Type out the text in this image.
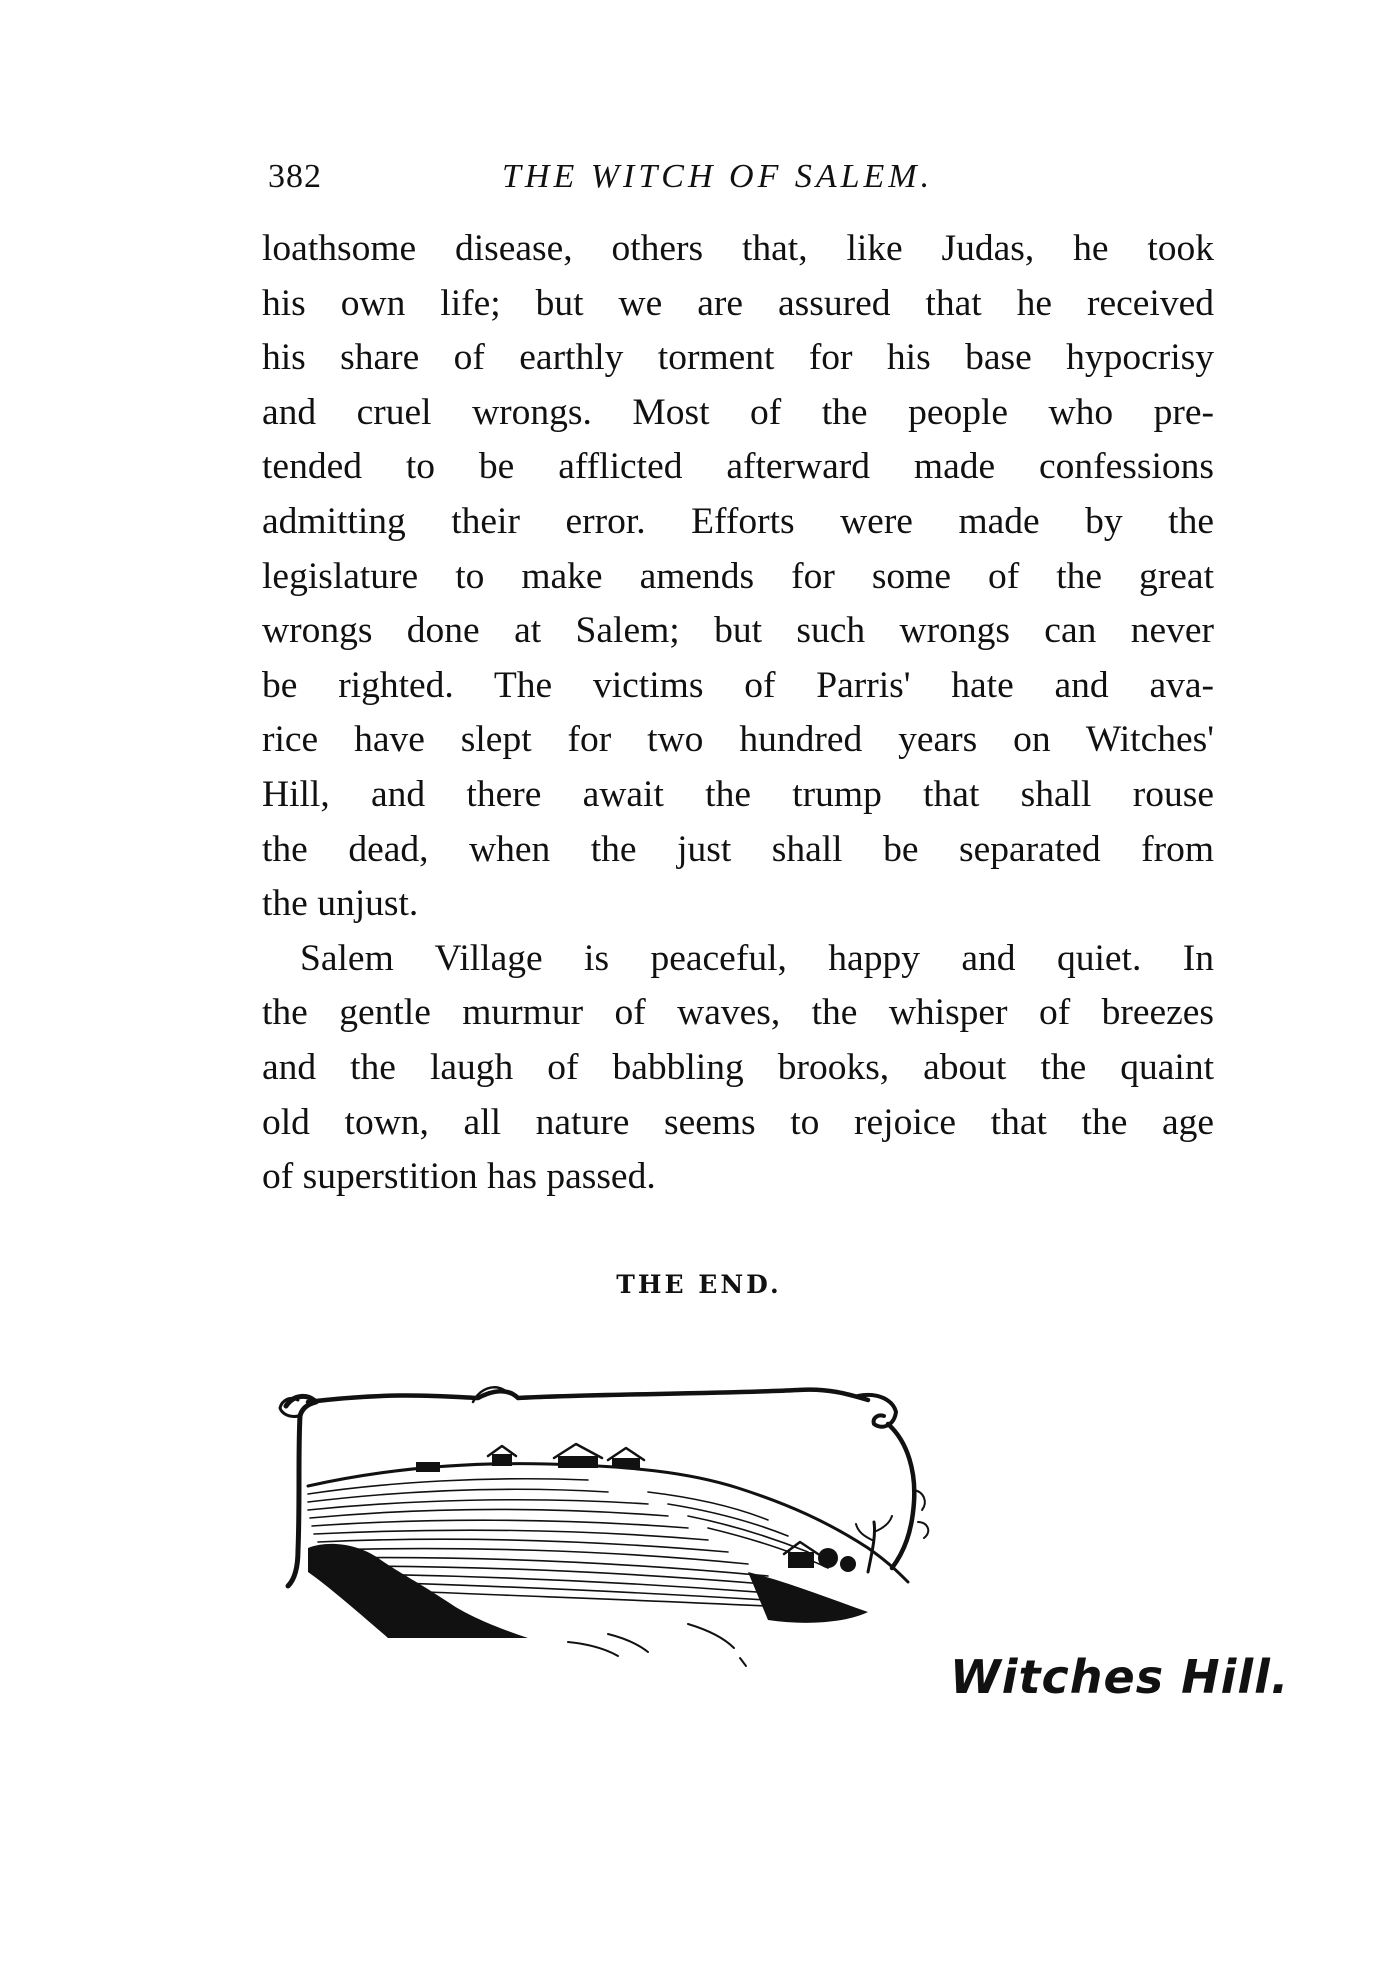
382	THE WITCH OF SALEM.
loathsome disease, others that, like Judas, he took
his own life; but we are assured that he received
his share of earthly torment for his base hypocrisy
and cruel wrongs. Most of the people who pre-
tended to be afflicted afterward made confessions
admitting their error. Efforts were made by the
legislature to make amends for some of the great
wrongs done at Salem; but such wrongs can never
be righted. The victims of Parris' hate and ava-
rice have slept for two hundred years on Witches'
Hill, and there await the trump that shall rouse
the dead, when the just shall be separated from
the unjust.
Salem Village is peaceful, happy and quiet. In
the gentle murmur of waves, the whisper of breezes
and the laugh of babbling brooks, about the quaint
old town, all nature seems to rejoice that the age
of superstition has passed.
THE END.
Witches Hill.
